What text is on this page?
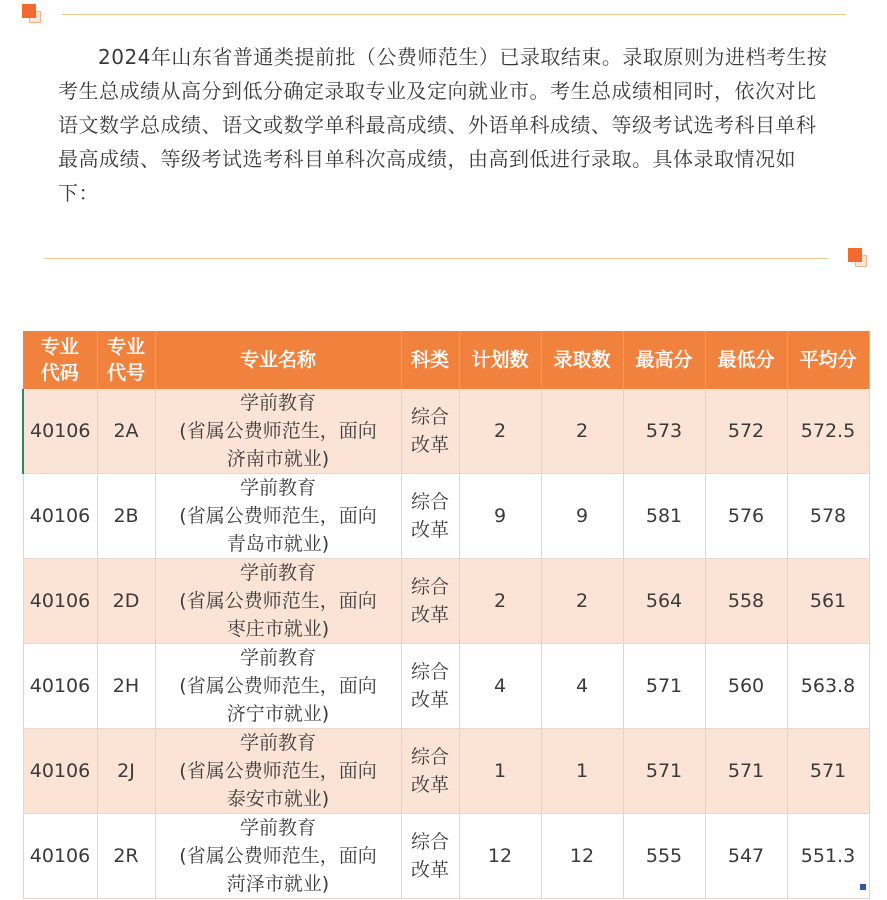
2024年山东省普通类提前批（公费师范生）已录取结束。录取原则为进档考生按考生总成绩从高分到低分确定录取专业及定向就业市。考生总成绩相同时，依次对比语文数学总成绩、语文或数学单科最高成绩、外语单科成绩、等级考试选考科目单科最高成绩、等级考试选考科目单科次高成绩，由高到低进行录取。具体录取情况如下：

专业
代码	专业
代号	专业名称	科类	计划数	录取数	最高分	最低分	平均分
40106	2A	学前教育
(省属公费师范生，面向
济南市就业)	综合
改革	2	2	573	572	572.5
40106	2B	学前教育
(省属公费师范生，面向
青岛市就业)	综合
改革	9	9	581	576	578
40106	2D	学前教育
(省属公费师范生，面向
枣庄市就业)	综合
改革	2	2	564	558	561
40106	2H	学前教育
(省属公费师范生，面向
济宁市就业)	综合
改革	4	4	571	560	563.8
40106	2J	学前教育
(省属公费师范生，面向
泰安市就业)	综合
改革	1	1	571	571	571
40106	2R	学前教育
(省属公费师范生，面向
菏泽市就业)	综合
改革	12	12	555	547	551.3
